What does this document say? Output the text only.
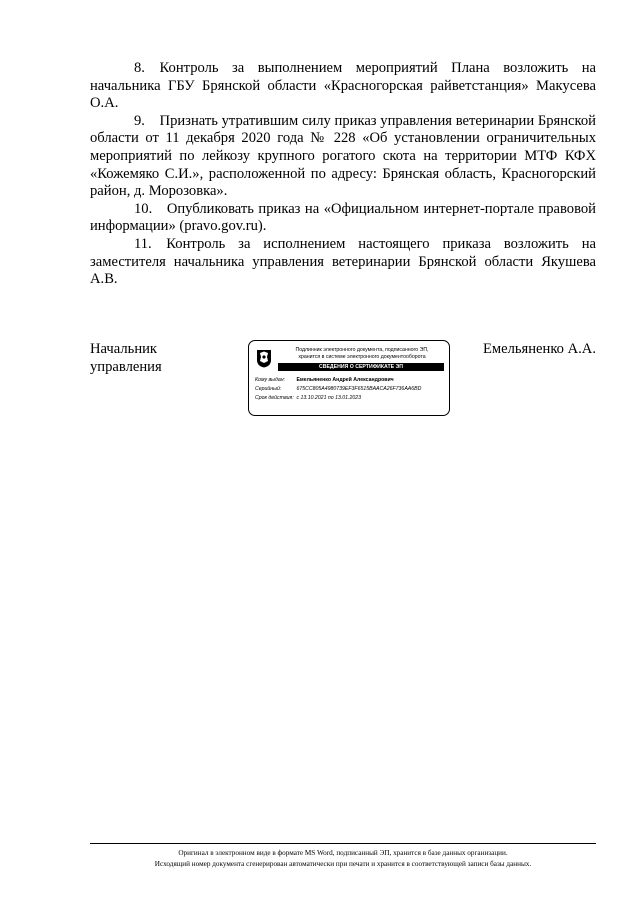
8. Контроль за выполнением мероприятий Плана возложить на начальника ГБУ Брянской области «Красногорская райветстанция» Макусева О.А.

9. Признать утратившим силу приказ управления ветеринарии Брянской области от 11 декабря 2020 года № 228 «Об установлении ограничительных мероприятий по лейкозу крупного рогатого скота на территории МТФ КФХ «Кожемяко С.И.», расположенной по адресу: Брянская область, Красногорский район, д. Морозовка».

10. Опубликовать приказ на «Официальном интернет-портале правовой информации» (pravo.gov.ru).

11. Контроль за исполнением настоящего приказа возложить на заместителя начальника управления ветеринарии Брянской области Якушева А.В.

Начальник
управления
Подлинник электронного документа, подписанного ЭП,
хранится в системе электронного документооборота
СВЕДЕНИЯ О СЕРТИФИКАТЕ ЭП
Кому выдан: Емельяненко Андрей Александрович
Серийный:	675CC805A4980739EF3F6515BAACA26F736AA6BD
Срок действия: с 13.10.2021 по 13.01.2023
Емельяненко А.А.
Оригинал в электронном виде в формате MS Word, подписанный ЭП, хранится в базе данных организации.
Исходящий номер документа сгенерирован автоматически при печати и хранится в соответствующей записи базы данных.
